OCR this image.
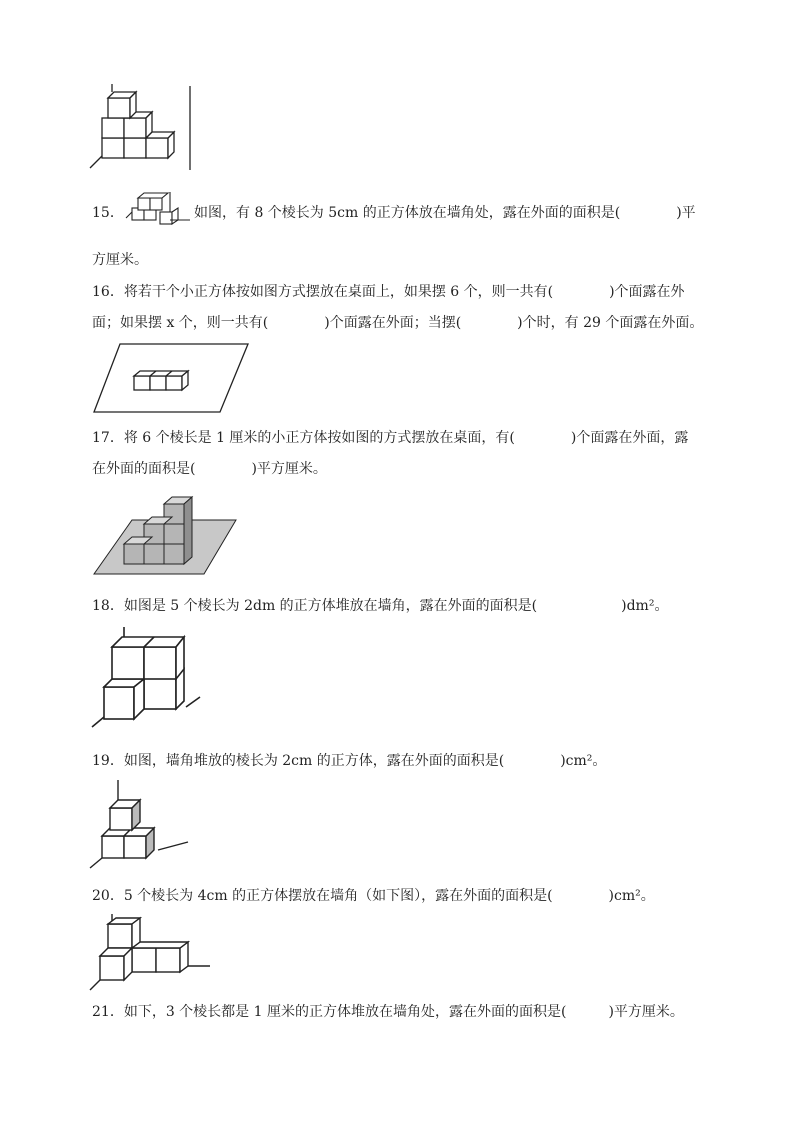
15．	如图，有 8 个棱长为 5cm 的正方体放在墙角处，露在外面的面积是(　　　　)平
方厘米。
16．将若干个小正方体按如图方式摆放在桌面上，如果摆 6 个，则一共有(　　　　)个面露在外
面；如果摆 x 个，则一共有(　　　　)个面露在外面；当摆(　　　　)个时，有 29 个面露在外面。
17．将 6 个棱长是 1 厘米的小正方体按如图的方式摆放在桌面，有(　　　　)个面露在外面，露
在外面的面积是(　　　　)平方厘米。
18．如图是 5 个棱长为 2dm 的正方体堆放在墙角，露在外面的面积是(　　　　　　)dm²。
19．如图，墙角堆放的棱长为 2cm 的正方体，露在外面的面积是(　　　　)cm²。
20．5 个棱长为 4cm 的正方体摆放在墙角（如下图），露在外面的面积是(　　　　)cm²。
21．如下，3 个棱长都是 1 厘米的正方体堆放在墙角处，露在外面的面积是(　　　)平方厘米。
